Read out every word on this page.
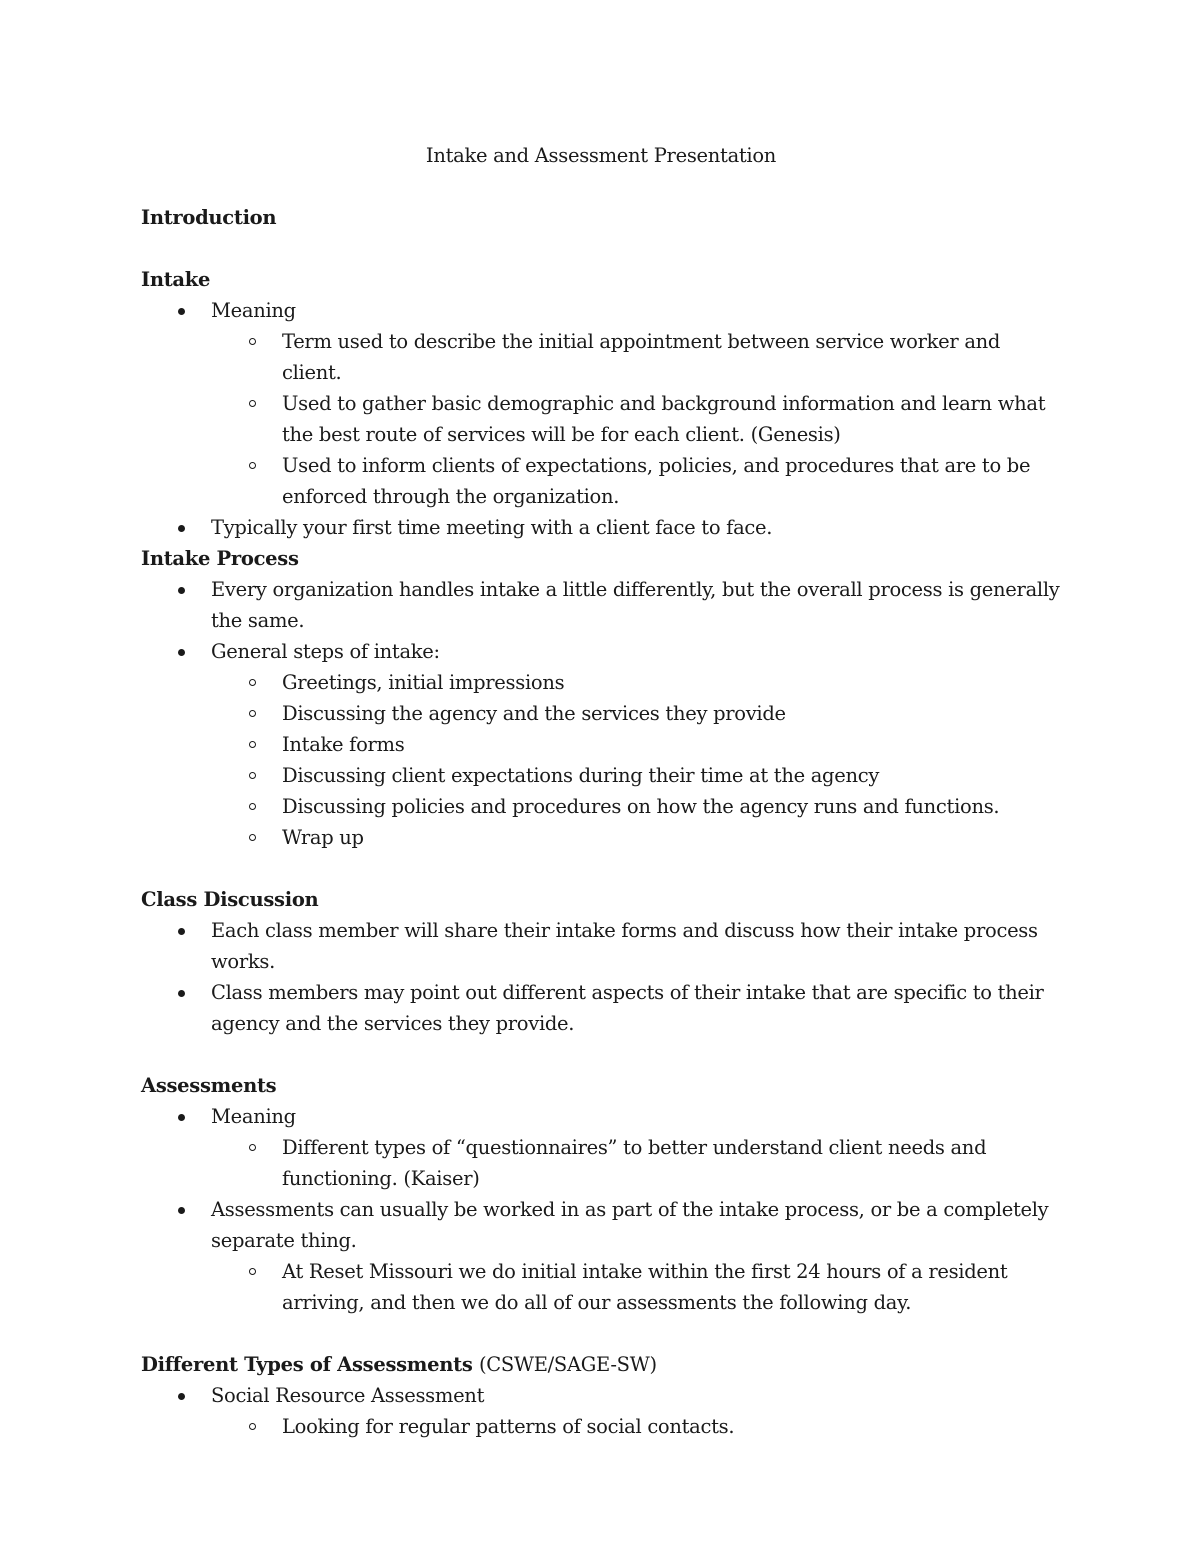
Intake and Assessment Presentation

Introduction

Intake

Meaning
Term used to describe the initial appointment between service worker and client.
Used to gather basic demographic and background information and learn what the best route of services will be for each client. (Genesis)
Used to inform clients of expectations, policies, and procedures that are to be enforced through the organization.
Typically your first time meeting with a client face to face.

Intake Process

Every organization handles intake a little differently, but the overall process is generally the same.
General steps of intake:
Greetings, initial impressions
Discussing the agency and the services they provide
Intake forms
Discussing client expectations during their time at the agency
Discussing policies and procedures on how the agency runs and functions.
Wrap up

Class Discussion

Each class member will share their intake forms and discuss how their intake process works.
Class members may point out different aspects of their intake that are specific to their agency and the services they provide.

Assessments

Meaning
Different types of “questionnaires” to better understand client needs and functioning. (Kaiser)
Assessments can usually be worked in as part of the intake process, or be a completely separate thing.
At Reset Missouri we do initial intake within the first 24 hours of a resident arriving, and then we do all of our assessments the following day.

Different Types of Assessments (CSWE/SAGE-SW)

Social Resource Assessment
Looking for regular patterns of social contacts.
